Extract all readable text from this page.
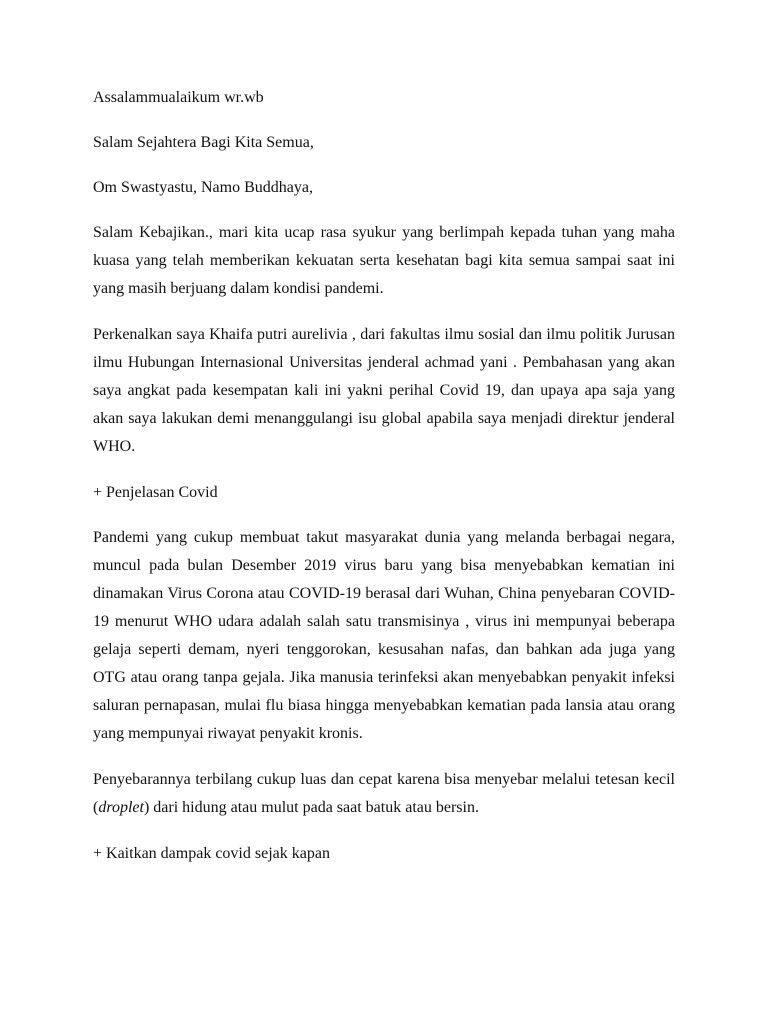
Assalammualaikum wr.wb

Salam Sejahtera Bagi Kita Semua,

Om Swastyastu, Namo Buddhaya,

Salam Kebajikan., mari kita ucap rasa syukur yang berlimpah kepada tuhan yang maha kuasa yang telah memberikan kekuatan serta kesehatan bagi kita semua sampai saat ini yang masih berjuang dalam kondisi pandemi.

Perkenalkan saya Khaifa putri aurelivia , dari fakultas ilmu sosial dan ilmu politik Jurusan ilmu Hubungan Internasional Universitas jenderal achmad yani . Pembahasan yang akan saya angkat pada kesempatan kali ini yakni perihal Covid 19, dan upaya apa saja yang akan saya lakukan demi menanggulangi isu global apabila saya menjadi direktur jenderal WHO.

+ Penjelasan Covid

Pandemi yang cukup membuat takut masyarakat dunia yang melanda berbagai negara, muncul pada bulan Desember 2019 virus baru yang bisa menyebabkan kematian ini dinamakan Virus Corona atau COVID-19 berasal dari Wuhan, China penyebaran COVID-19 menurut WHO udara adalah salah satu transmisinya , virus ini mempunyai beberapa gelaja seperti demam, nyeri tenggorokan, kesusahan nafas, dan bahkan ada juga yang OTG atau orang tanpa gejala. Jika manusia terinfeksi akan menyebabkan penyakit infeksi saluran pernapasan, mulai flu biasa hingga menyebabkan kematian pada lansia atau orang yang mempunyai riwayat penyakit kronis.

Penyebarannya terbilang cukup luas dan cepat karena bisa menyebar melalui tetesan kecil (droplet) dari hidung atau mulut pada saat batuk atau bersin.

+ Kaitkan dampak covid sejak kapan
